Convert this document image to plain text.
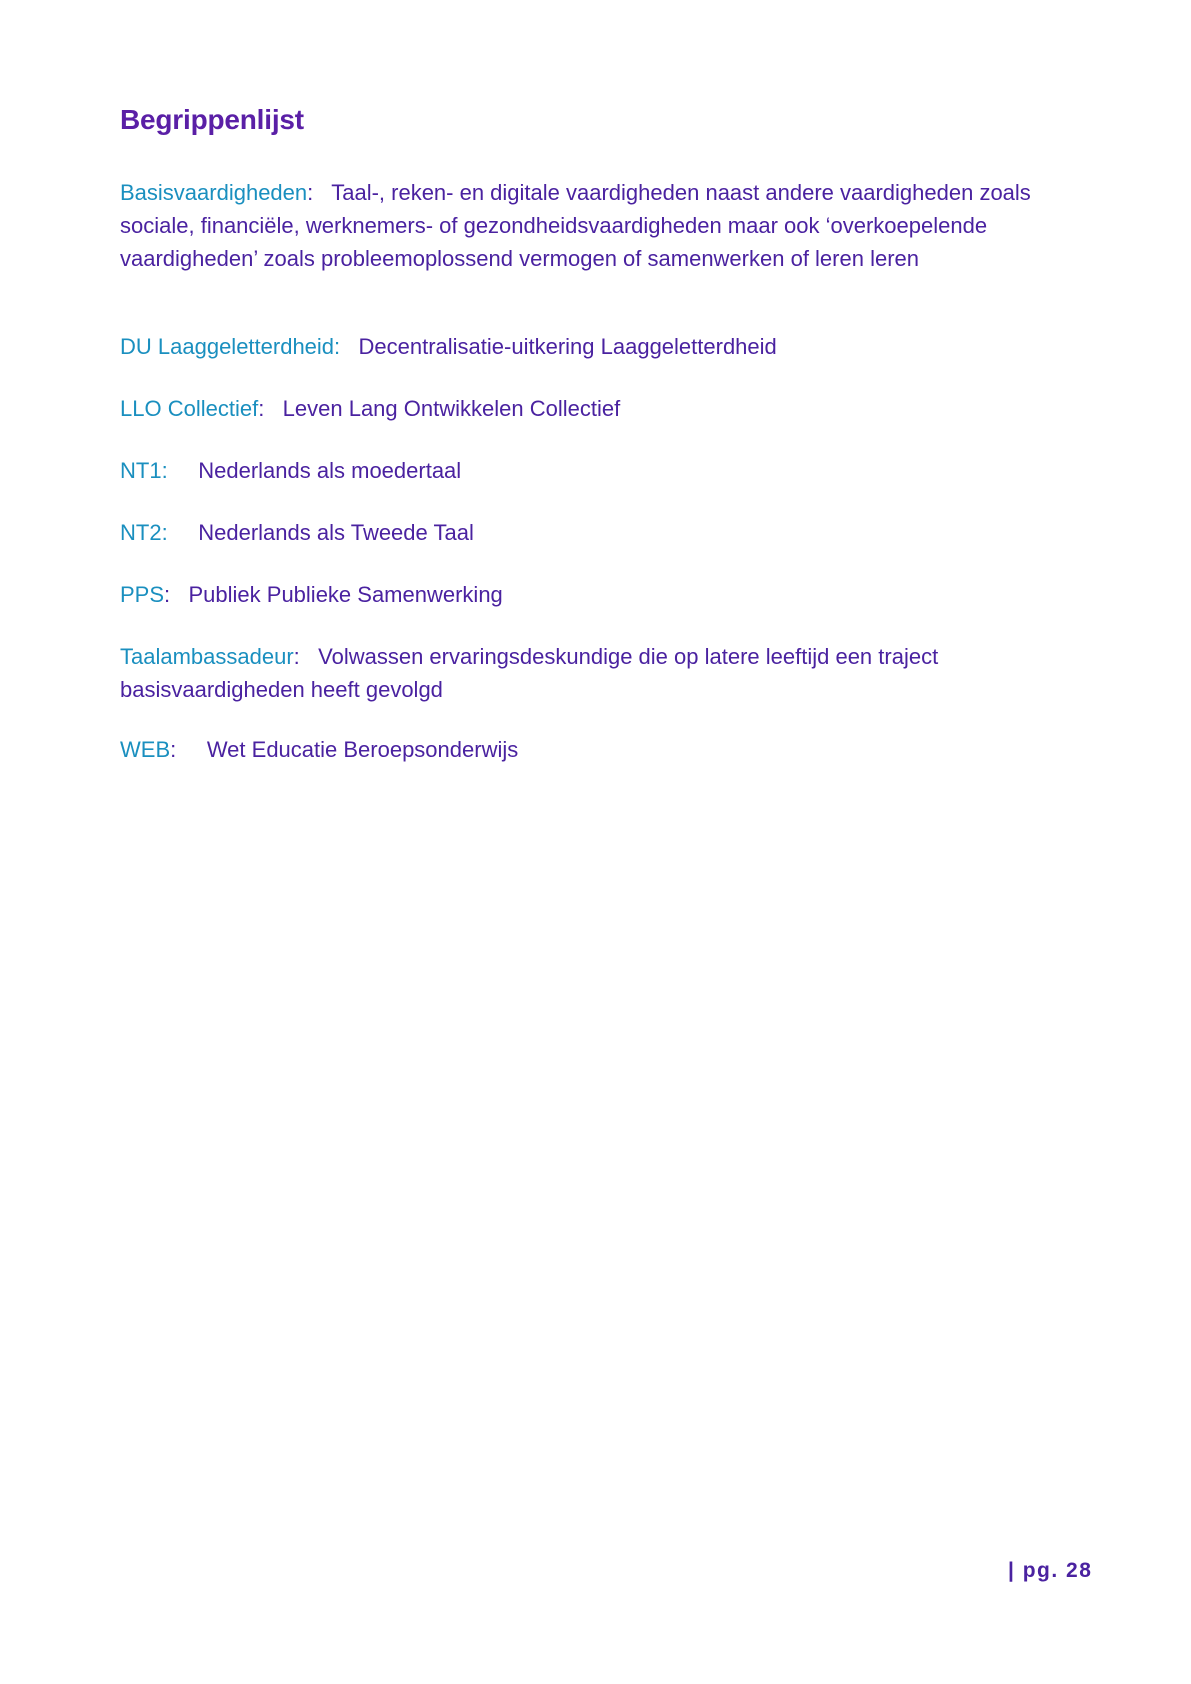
Begrippenlijst

Basisvaardigheden: Taal-, reken- en digitale vaardigheden naast andere vaardigheden zoals sociale, financiële, werknemers- of gezondheidsvaardigheden maar ook ‘overkoepelende vaardigheden’ zoals probleemoplossend vermogen of samenwerken of leren leren

DU Laaggeletterdheid: Decentralisatie-uitkering Laaggeletterdheid

LLO Collectief: Leven Lang Ontwikkelen Collectief

NT1: Nederlands als moedertaal

NT2: Nederlands als Tweede Taal

PPS: Publiek Publieke Samenwerking

Taalambassadeur: Volwassen ervaringsdeskundige die op latere leeftijd een traject basisvaardigheden heeft gevolgd

WEB: Wet Educatie Beroepsonderwijs

| pg. 28
